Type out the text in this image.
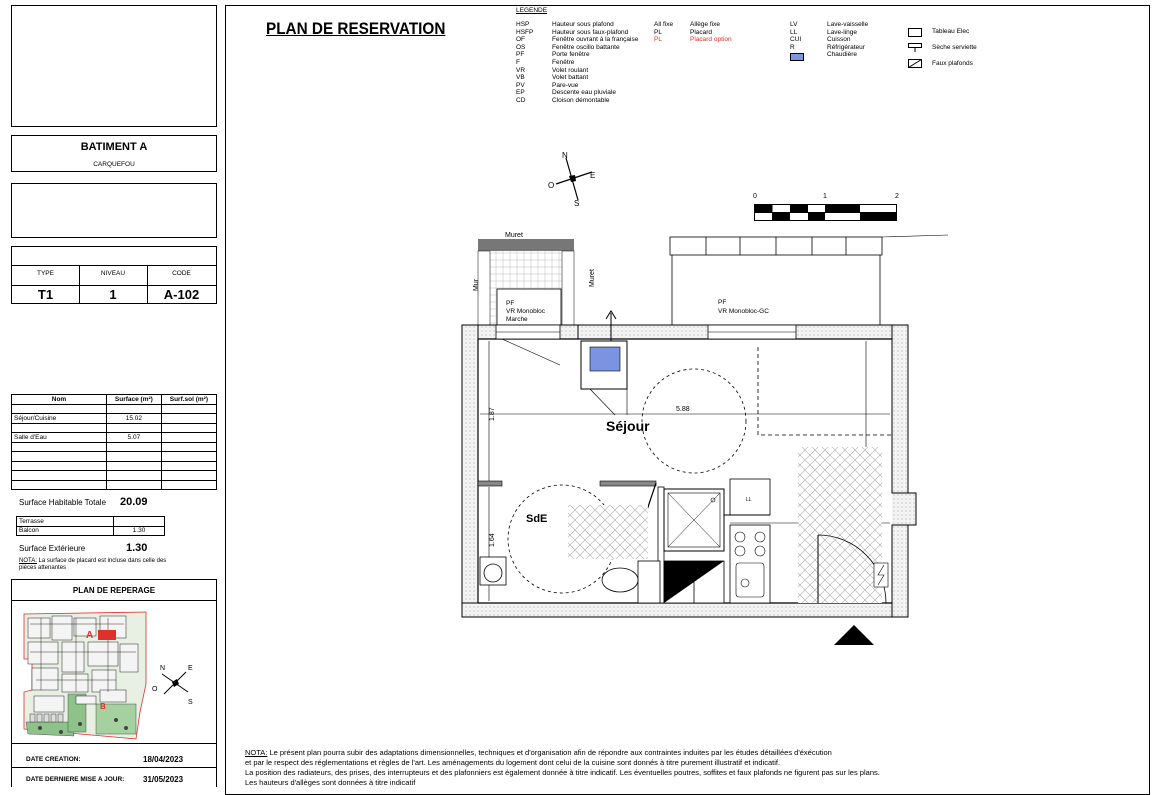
BATIMENT A
CARQUEFOU
TYPE	NIVEAU	CODE
T1	1	A-102
Nom	Surface (m²)	Surf.sol (m²)

Séjour/Cuisine	15.02	

Salle d'Eau	5.07	

Surface Habitable Totale 20.09
Terrasse	
Balcon	1.30
Surface Extérieure	1.30
NOTA: La surface de placard est incluse dans celle des pièces attenantes
PLAN DE REPERAGE
A
B
N	E
O
S
DATE CREATION:	18/04/2023
DATE DERNIERE MISE A JOUR: 31/05/2023
PLAN DE RESERVATION
LEGENDE
HSP	Hauteur sous plafond
HSFP	Hauteur sous faux-plafond
OF	Fenêtre ouvrant à la française
OS	Fenêtre oscillo battante
PF	Porte fenêtre
F	Fenêtre
VR	Volet roulant
VB	Volet battant
PV	Pare-vue
EP	Descente eau pluviale
CD	Cloison démontable
All fixe	Allège fixe
PL	Placard
PL	Placard option
LV	Lave-vaisselle
LL	Lave-linge
CUI	Cuisson
R	Réfrigérateur
Chaudière
Tableau Elec
Sèche serviette
Faux plafonds
N
E
O
S
0	1	2
Muret
Mur	Muret
PF
VR Monobloc
Marche
PF
VR Monobloc-GC
5.88
1.87
1.64
Séjour
SdE
LL
NOTA: Le présent plan pourra subir des adaptations dimensionnelles, techniques et d'organisation afin de répondre aux contraintes induites par les études détaillées d'éxécution
et par le respect des réglementations et règles de l'art. Les aménagements du logement dont celui de la cuisine sont donnés à titre purement illustratif et indicatif.
La position des radiateurs, des prises, des interrupteurs et des plafonniers est également donnée à titre indicatif. Les éventuelles poutres, soffites et faux plafonds ne figurent pas sur les plans.
Les hauteurs d'allèges sont données à titre indicatif
